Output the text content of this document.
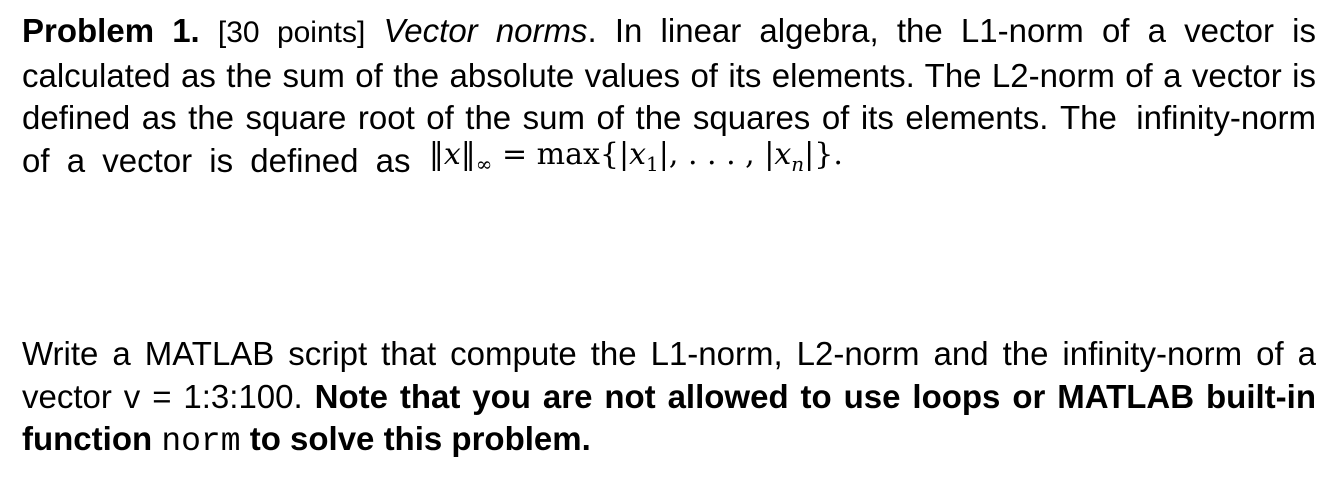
Problem 1. [30 points] Vector norms. In linear algebra, the L1-norm of a vector is calculated as the sum of the absolute values of its elements. The L2-norm of a vector is defined as the square root of the sum of the squares of its elements. The infinity-norm of a vector is defined as $‖x‖_\infty = \max\{|x_1|$, . . . , $|x_n|$}.

Write a MATLAB script that compute the L1-norm, L2-norm and the infinity-norm of a vector v = 1:3:100. Note that you are not allowed to use loops or MATLAB built-in function norm to solve this problem.
